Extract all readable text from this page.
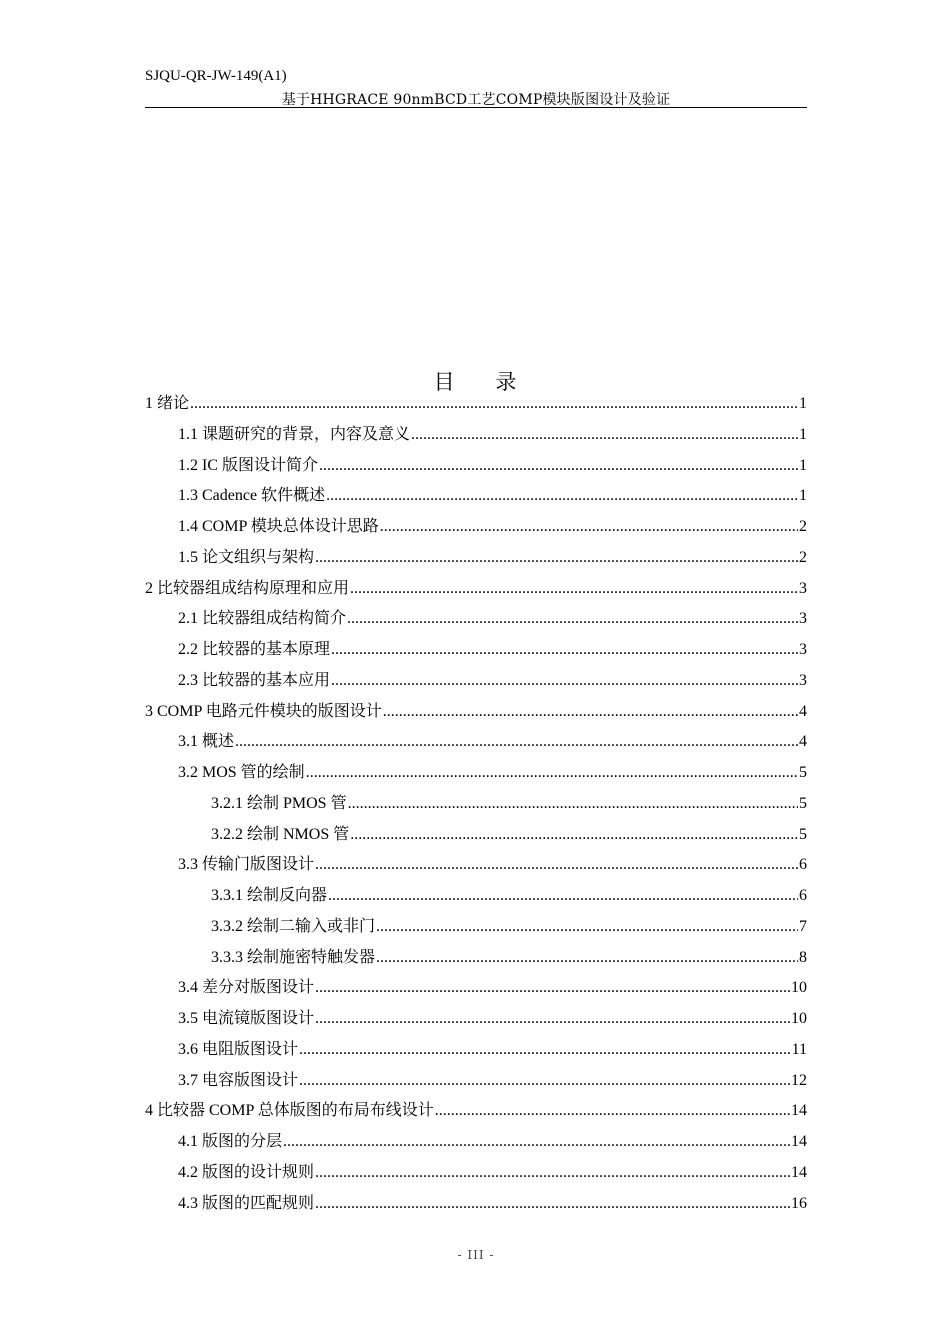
SJQU-QR-JW-149(A1)
基于HHGRACE 90nmBCD工艺COMP模块版图设计及验证
目 录
1 绪论 .....	1
1.1 课题研究的背景，内容及意义 .....	1
1.2 IC 版图设计简介 .....	1
1.3 Cadence 软件概述 .....	1
1.4 COMP 模块总体设计思路 .....	2
1.5 论文组织与架构 .....	2
2 比较器组成结构原理和应用 .....	3
2.1 比较器组成结构简介 .....	3
2.2 比较器的基本原理 .....	3
2.3 比较器的基本应用 .....	3
3 COMP 电路元件模块的版图设计 .....	4
3.1 概述 .....	4
3.2 MOS 管的绘制 .....	5
3.2.1 绘制 PMOS 管 .....	5
3.2.2 绘制 NMOS 管 .....	5
3.3 传输门版图设计 .....	6
3.3.1 绘制反向器 .....	6
3.3.2 绘制二输入或非门 .....	7
3.3.3 绘制施密特触发器 .....	8
3.4 差分对版图设计 .....	10
3.5 电流镜版图设计 .....	10
3.6 电阻版图设计 .....	11
3.7 电容版图设计 .....	12
4 比较器 COMP 总体版图的布局布线设计 .....	14
4.1 版图的分层 .....	14
4.2 版图的设计规则 .....	14
4.3 版图的匹配规则 .....	16
- III -
